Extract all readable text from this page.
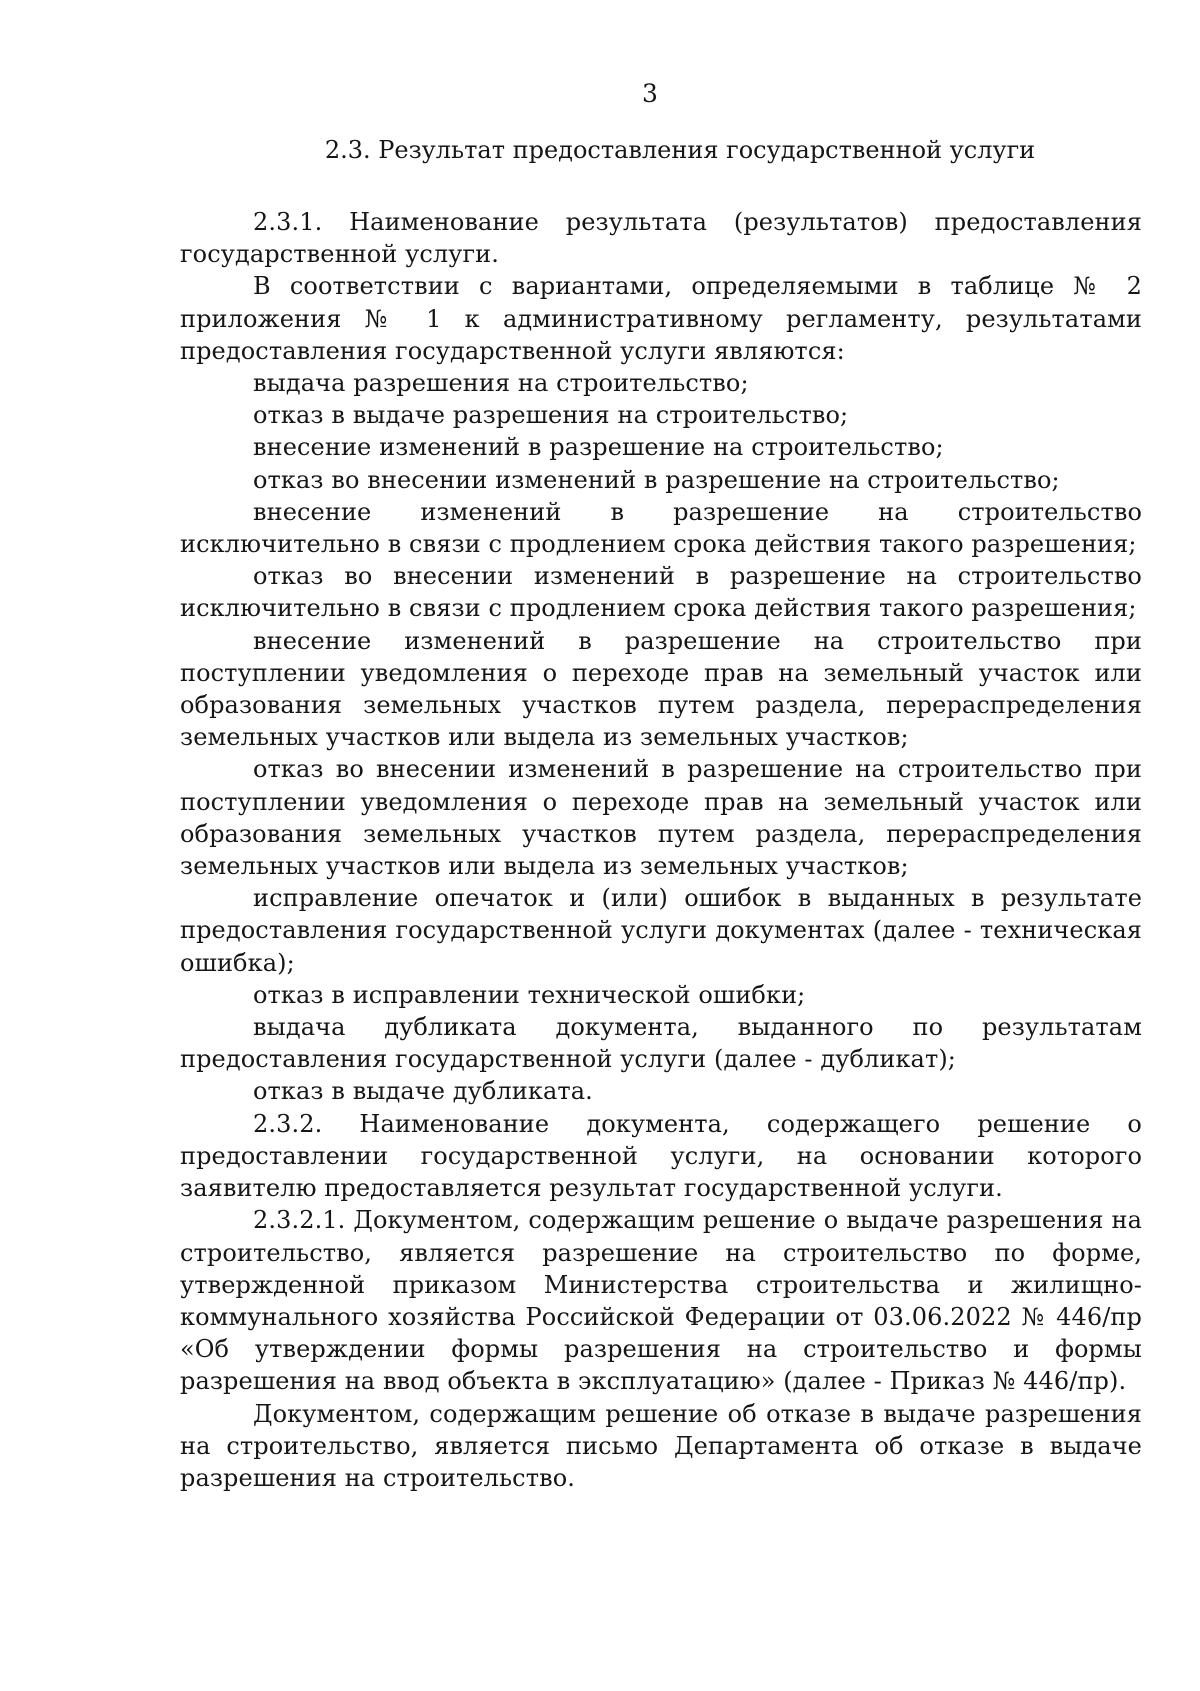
3
2.3. Результат предоставления государственной услуги

2.3.1. Наименование результата (результатов) предоставления государственной услуги.

В соответствии с вариантами, определяемыми в таблице № 2 приложения № 1 к административному регламенту, результатами предоставления государственной услуги являются:

выдача разрешения на строительство;

отказ в выдаче разрешения на строительство;

внесение изменений в разрешение на строительство;

отказ во внесении изменений в разрешение на строительство;

внесение изменений в разрешение на строительство исключительно в связи с продлением срока действия такого разрешения;

отказ во внесении изменений в разрешение на строительство исключительно в связи с продлением срока действия такого разрешения;

внесение изменений в разрешение на строительство при поступлении уведомления о переходе прав на земельный участок или образования земельных участков путем раздела, перераспределения земельных участков или выдела из земельных участков;

отказ во внесении изменений в разрешение на строительство при поступлении уведомления о переходе прав на земельный участок или образования земельных участков путем раздела, перераспределения земельных участков или выдела из земельных участков;

исправление опечаток и (или) ошибок в выданных в результате предоставления государственной услуги документах (далее - техническая ошибка);

отказ в исправлении технической ошибки;

выдача дубликата документа, выданного по результатам предоставления государственной услуги (далее - дубликат);

отказ в выдаче дубликата.

2.3.2. Наименование документа, содержащего решение о предоставлении государственной услуги, на основании которого заявителю предоставляется результат государственной услуги.

2.3.2.1. Документом, содержащим решение о выдаче разрешения на строительство, является разрешение на строительство по форме, утвержденной приказом Министерства строительства и жилищно-коммунального хозяйства Российской Федерации от 03.06.2022 № 446/пр «Об утверждении формы разрешения на строительство и формы разрешения на ввод объекта в эксплуатацию» (далее - Приказ № 446/пр).

Документом, содержащим решение об отказе в выдаче разрешения на строительство, является письмо Департамента об отказе в выдаче разрешения на строительство.
